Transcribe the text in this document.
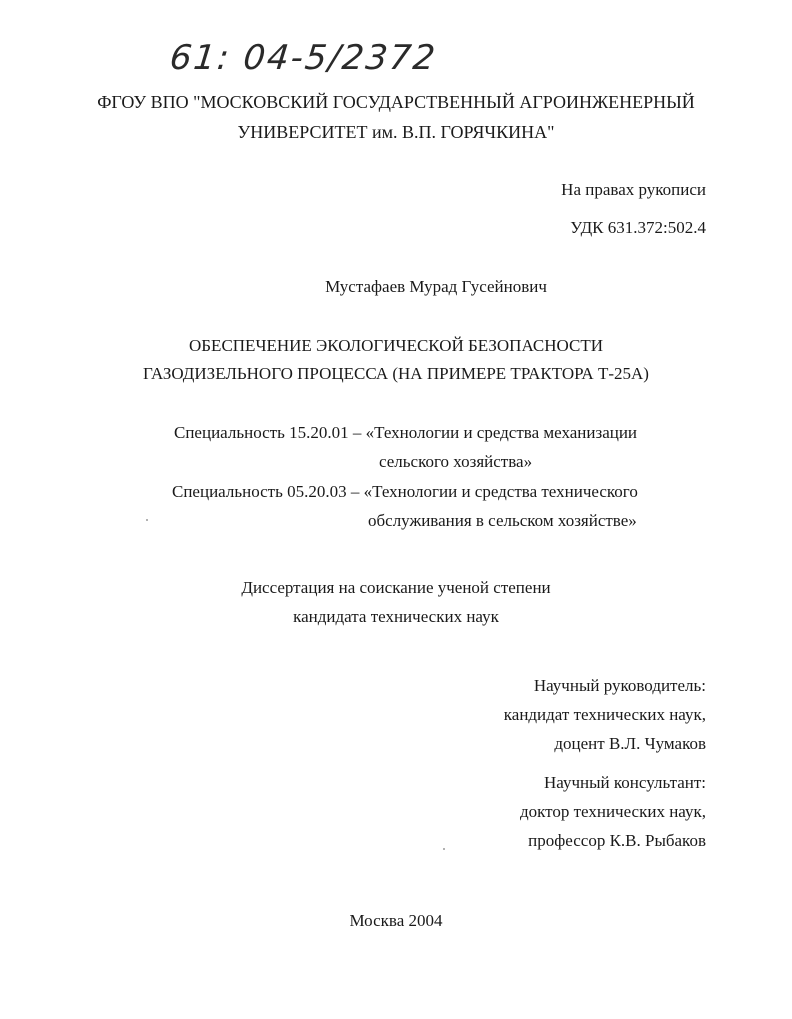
61: 04-5/2372
ФГОУ ВПО "МОСКОВСКИЙ ГОСУДАРСТВЕННЫЙ АГРОИНЖЕНЕРНЫЙ
УНИВЕРСИТЕТ им. В.П. ГОРЯЧКИНА"
На правах рукописи
УДК 631.372:502.4
Мустафаев Мурад Гусейнович
ОБЕСПЕЧЕНИЕ ЭКОЛОГИЧЕСКОЙ БЕЗОПАСНОСТИ
ГАЗОДИЗЕЛЬНОГО ПРОЦЕССА (НА ПРИМЕРЕ ТРАКТОРА Т-25А)
Специальность 15.20.01 – «Технологии и средства механизации
сельского хозяйства»
Специальность 05.20.03 – «Технологии и средства технического
обслуживания в сельском хозяйстве»
Диссертация на соискание ученой степени
кандидата технических наук
Научный руководитель:
кандидат технических наук,
доцент В.Л. Чумаков
Научный консультант:
доктор технических наук,
профессор К.В. Рыбаков
Москва 2004
